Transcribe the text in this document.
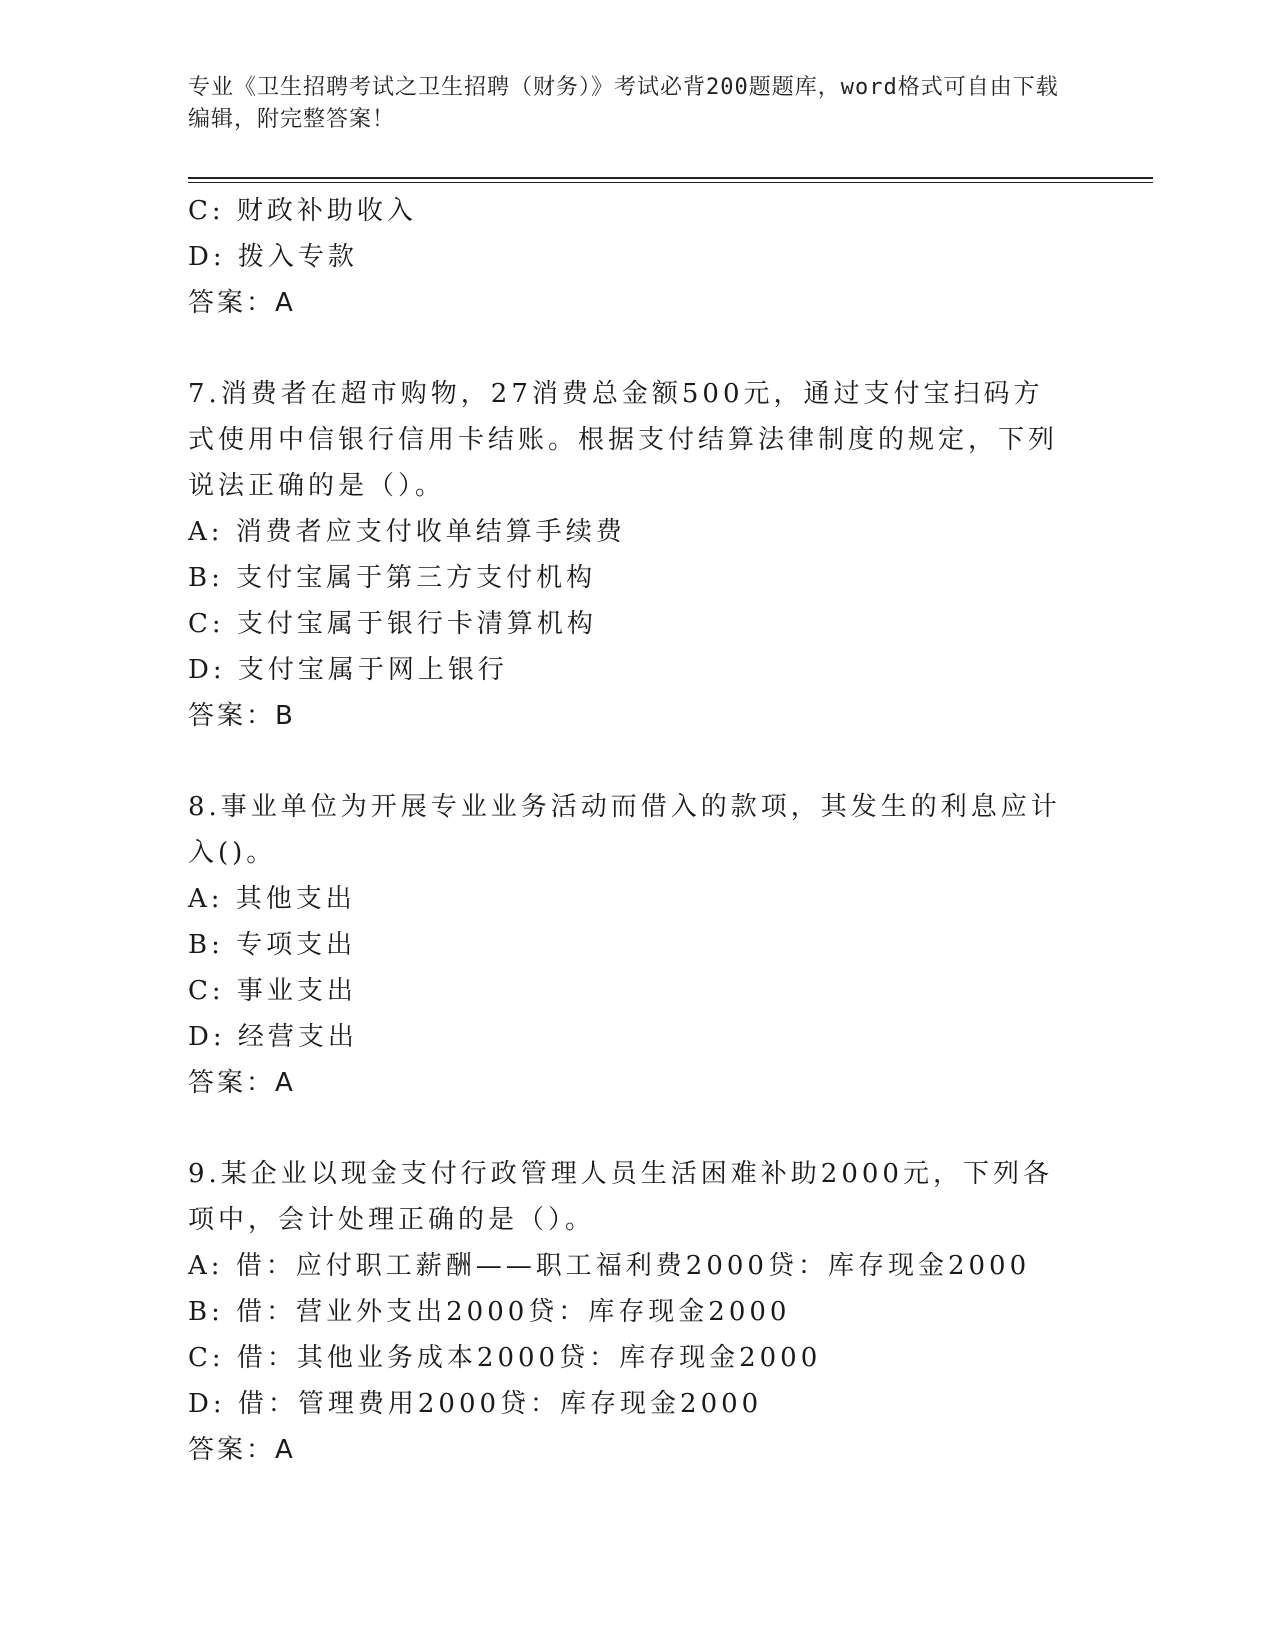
专业《卫生招聘考试之卫生招聘（财务）》考试必背200题题库，word格式可自由下载编辑，附完整答案！
C: 财政补助收入
D: 拨入专款
答案：A
7.消费者在超市购物，27消费总金额500元，通过支付宝扫码方式使用中信银行信用卡结账。根据支付结算法律制度的规定，下列说法正确的是（）。
A: 消费者应支付收单结算手续费
B: 支付宝属于第三方支付机构
C: 支付宝属于银行卡清算机构
D: 支付宝属于网上银行
答案：B
8.事业单位为开展专业业务活动而借入的款项，其发生的利息应计入()。
A: 其他支出
B: 专项支出
C: 事业支出
D: 经营支出
答案：A
9.某企业以现金支付行政管理人员生活困难补助2000元，下列各项中，会计处理正确的是（）。
A: 借：应付职工薪酬——职工福利费2000贷：库存现金2000
B: 借：营业外支出2000贷：库存现金2000
C: 借：其他业务成本2000贷：库存现金2000
D: 借：管理费用2000贷：库存现金2000
答案：A
